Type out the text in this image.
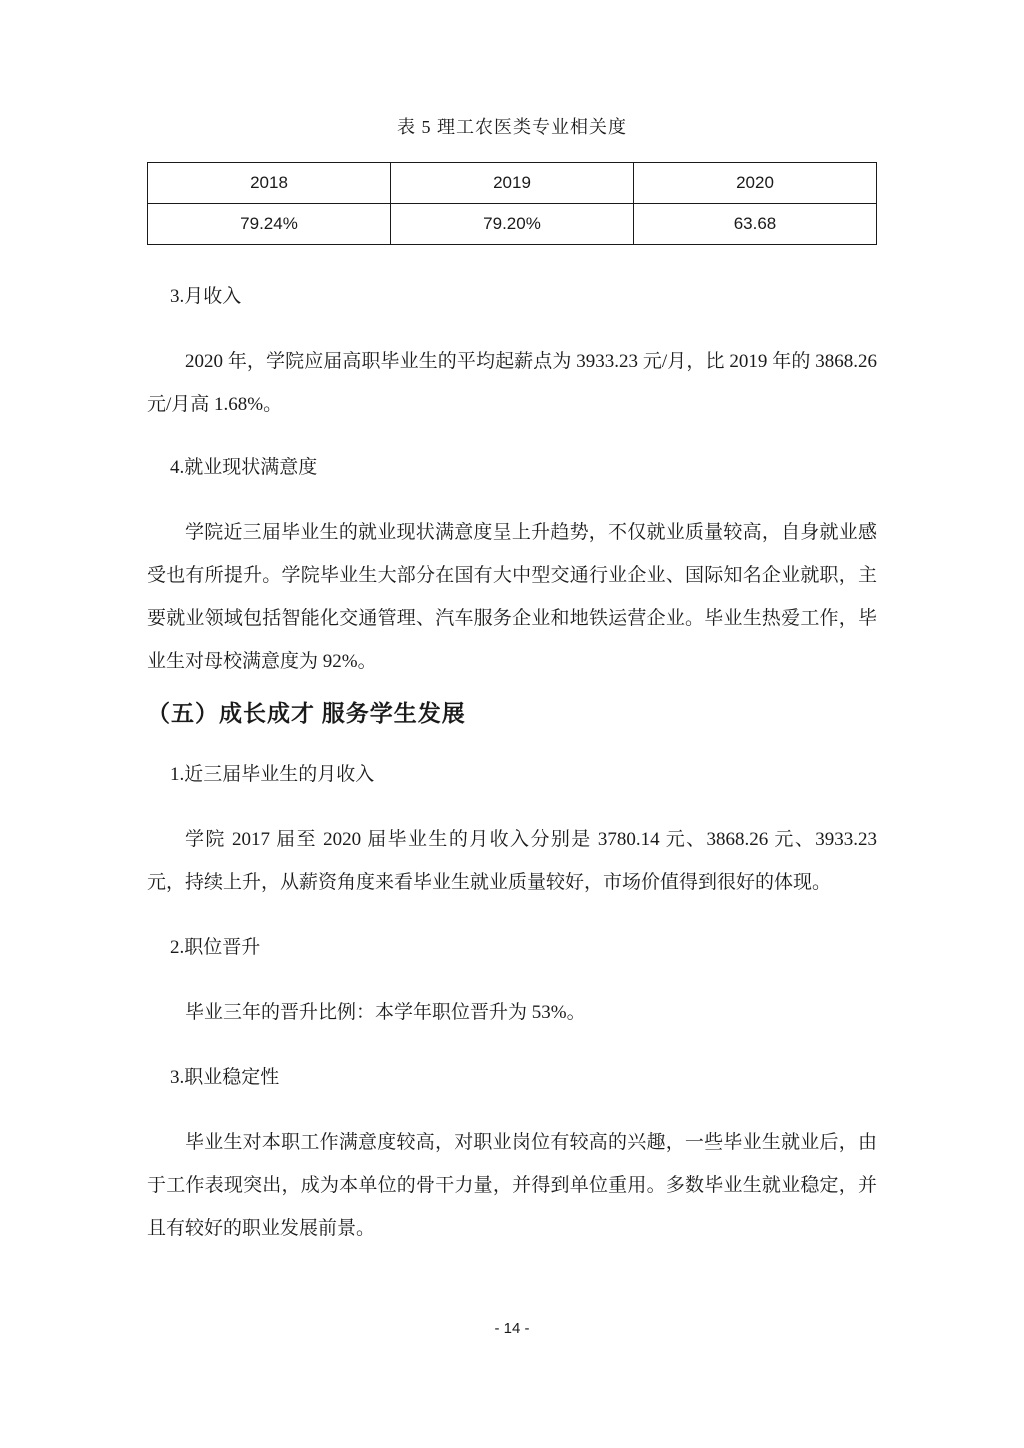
表 5 理工农医类专业相关度
2018	2019	2020
79.24%	79.20%	63.68
3.月收入

2020 年，学院应届高职毕业生的平均起薪点为 3933.23 元/月，比 2019 年的 3868.26 元/月高 1.68%。

4.就业现状满意度

学院近三届毕业生的就业现状满意度呈上升趋势，不仅就业质量较高，自身就业感受也有所提升。学院毕业生大部分在国有大中型交通行业企业、国际知名企业就职，主要就业领域包括智能化交通管理、汽车服务企业和地铁运营企业。毕业生热爱工作，毕业生对母校满意度为 92%。

（五）成长成才 服务学生发展
1.近三届毕业生的月收入

学院 2017 届至 2020 届毕业生的月收入分别是 3780.14 元、3868.26 元、3933.23 元，持续上升，从薪资角度来看毕业生就业质量较好，市场价值得到很好的体现。

2.职位晋升

毕业三年的晋升比例：本学年职位晋升为 53%。

3.职业稳定性

毕业生对本职工作满意度较高，对职业岗位有较高的兴趣，一些毕业生就业后，由于工作表现突出，成为本单位的骨干力量，并得到单位重用。多数毕业生就业稳定，并且有较好的职业发展前景。

- 14 -
